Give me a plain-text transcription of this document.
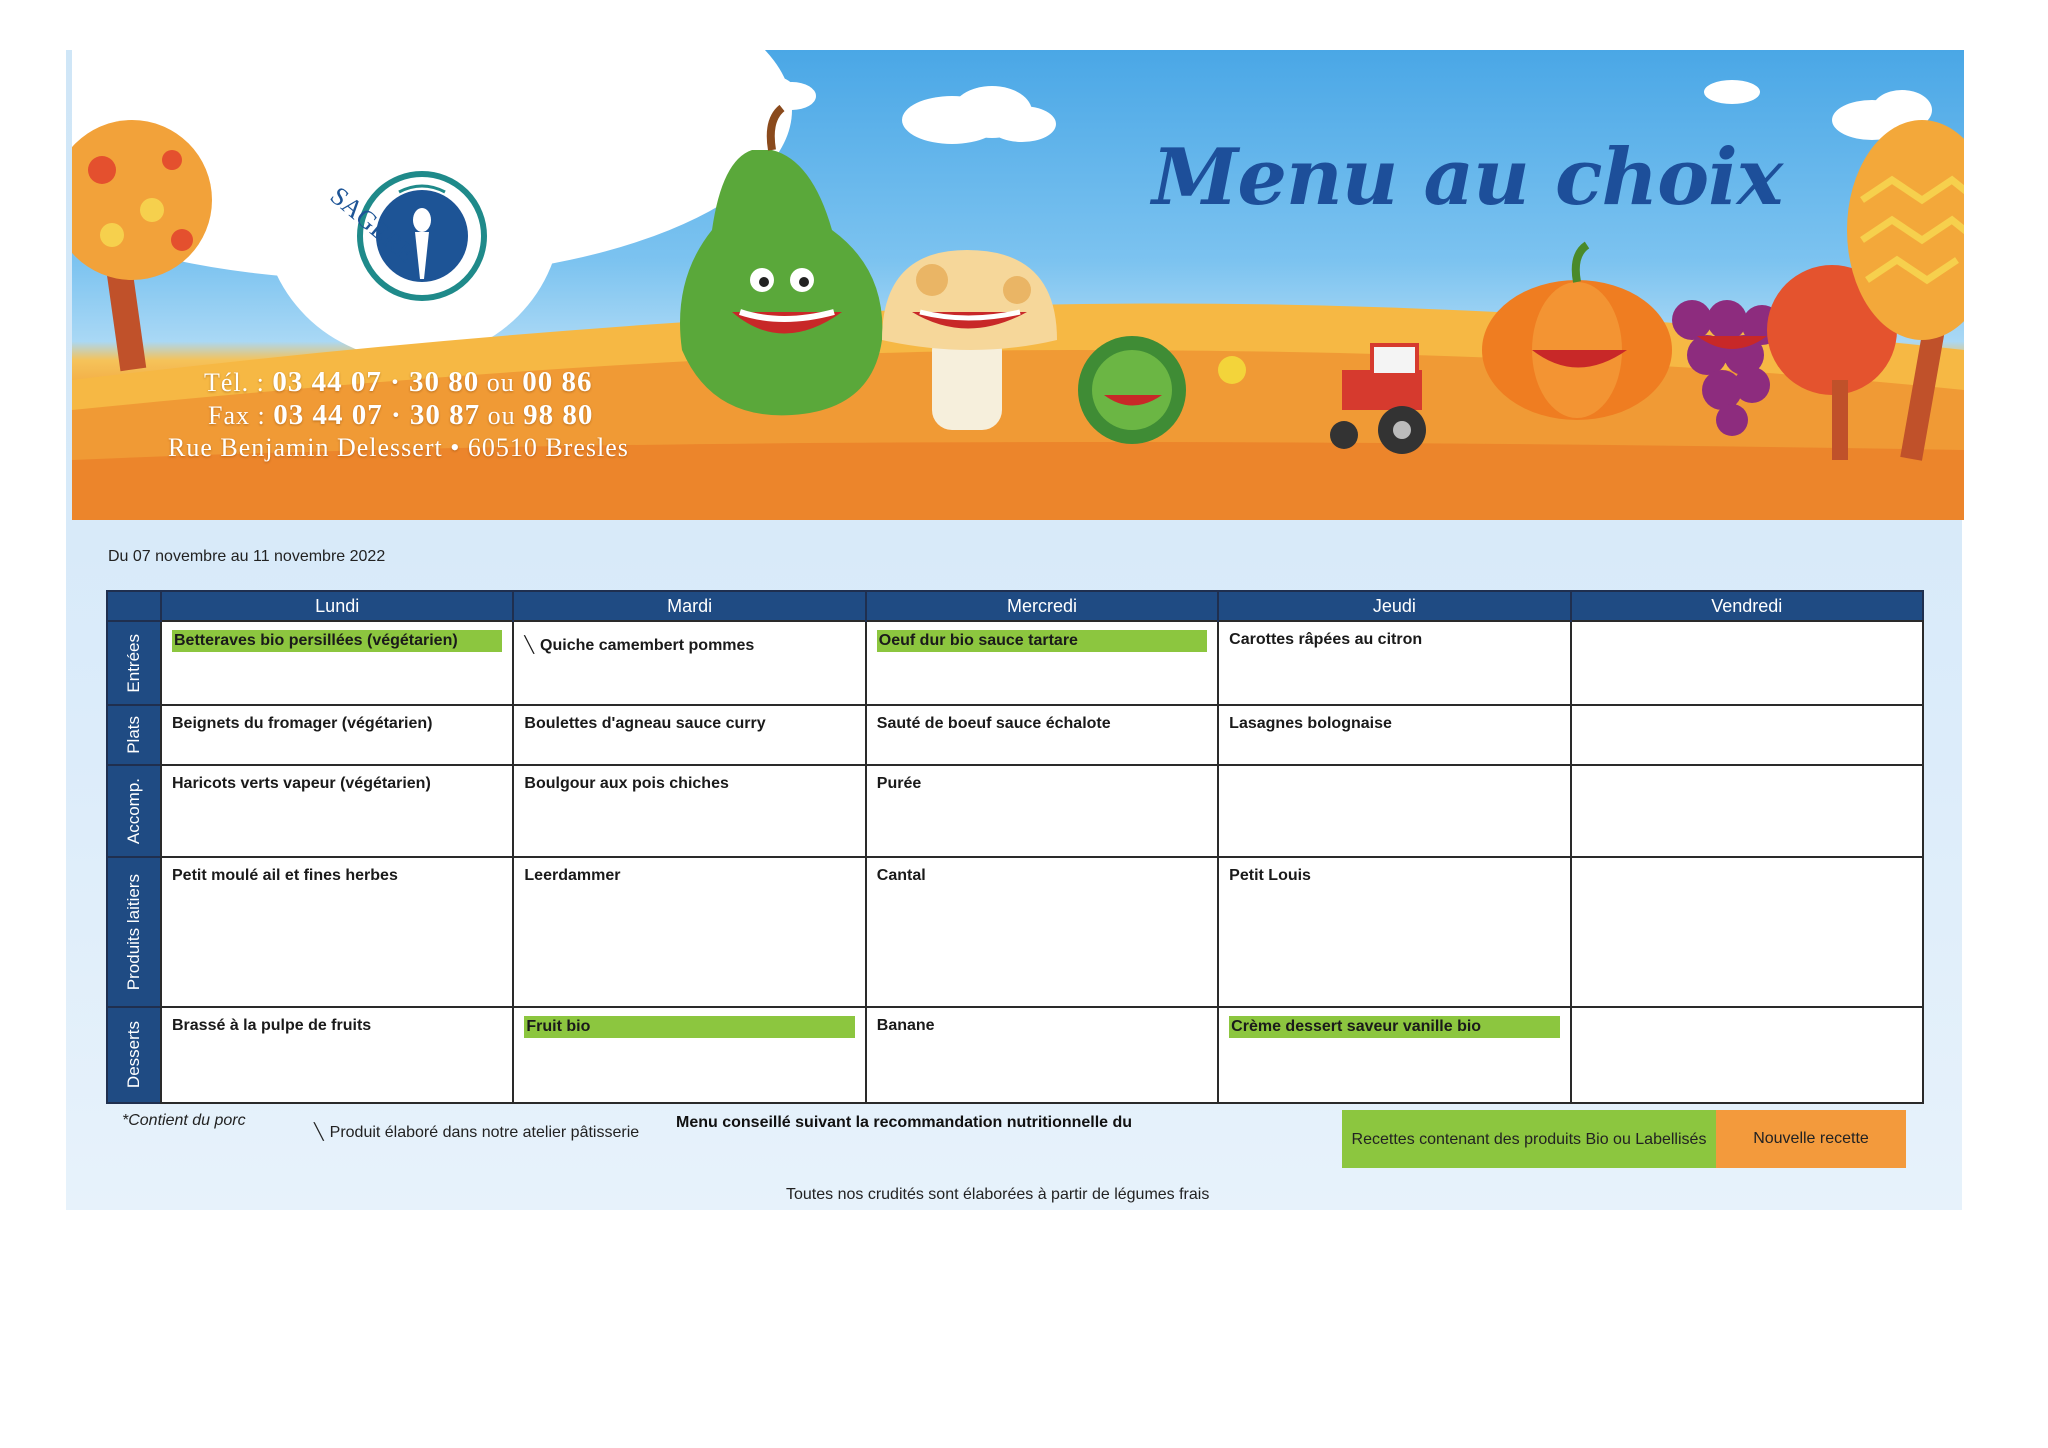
SAGERE
Menu au choix
Tél. : 03 44 07 · 30 80 ou 00 86
Fax : 03 44 07 · 30 87 ou 98 80
Rue Benjamin Delessert • 60510 Bresles
Du 07 novembre au 11 novembre 2022
	Lundi	Mardi	Mercredi	Jeudi	Vendredi

Entrées	Betteraves bio persillées (végétarien)	╲ Quiche camembert pommes	Oeuf dur bio sauce tartare	Carottes râpées au citron	

Plats	Beignets du fromager (végétarien)	Boulettes d'agneau sauce curry	Sauté de boeuf sauce échalote	Lasagnes bolognaise	

Accomp.	Haricots verts vapeur (végétarien)	Boulgour aux pois chiches	Purée		

Produits laitiers	Petit moulé ail et fines herbes	Leerdammer	Cantal	Petit Louis	

Desserts	Brassé à la pulpe de fruits	Fruit bio	Banane	Crème dessert saveur vanille bio	

*Contient du porc
╲ Produit élaboré dans notre atelier pâtisserie
Menu conseillé suivant la recommandation nutritionnelle du
Recettes contenant des produits Bio ou Labellisés	Nouvelle recette
Toutes nos crudités sont élaborées à partir de légumes frais
